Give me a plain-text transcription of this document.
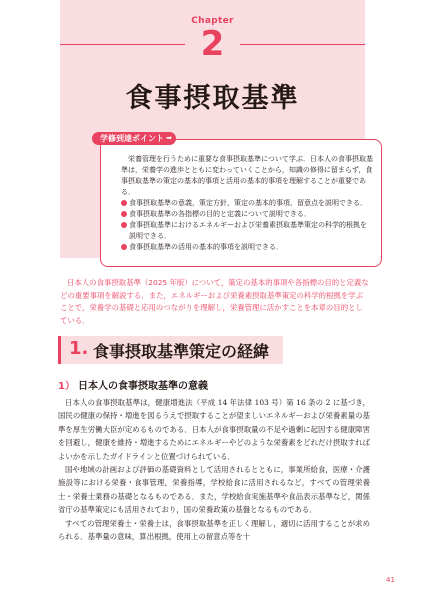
Chapter
2
食事摂取基準

栄養管理を行うために重要な食事摂取基準について学ぶ．日本人の食事摂取基準は，栄養学の進歩とともに変わっていくことから，知識の修得に留まらず，食事摂取基準の策定の基本的事項と活用の基本的事項を理解することが重要である．

食事摂取基準の意義，策定方針，策定の基本的事項，留意点を説明できる．
食事摂取基準の各指標の目的と定義について説明できる．
食事摂取基準におけるエネルギーおよび栄養素摂取基準策定の科学的根拠を説明できる．
食事摂取基準の活用の基本的事項を説明できる．
学修到達ポイント ➡
日本人の食事摂取基準（2025 年版）について，策定の基本的事項や各指標の目的と定義などの重要事項を解説する．また，エネルギーおよび栄養素摂取基準策定の科学的根拠を学ぶことで，栄養学の基礎と応用のつながりを理解し，栄養管理に活かすことを本章の目的としている．
1. 食事摂取基準策定の経緯
1） 日本人の食事摂取基準の意義

日本人の食事摂取基準は，健康増進法（平成 14 年法律 103 号）第 16 条の 2 に基づき，国民の健康の保持・増進を図るうえで摂取することが望ましいエネルギーおよび栄養素量の基準を厚生労働大臣が定めるものである．日本人が食事摂取量の不足や過剰に起因する健康障害を回避し，健康を維持・増進するためにエネルギーやどのような栄養素をどれだけ摂取すればよいかを示したガイドラインと位置づけられている．

国や地域の計画および評価の基礎資料として活用されるとともに，事業所給食，医療・介護施設等における栄養・食事管理，栄養指導，学校給食に活用されるなど，すべての管理栄養士・栄養士業務の基礎となるものである．また，学校給食実施基準や食品表示基準など，関係省庁の基準策定にも活用されており，国の栄養政策の基盤となるものである．

すべての管理栄養士・栄養士は，食事摂取基準を正しく理解し，適切に活用することが求められる．基準量の意味，算出根拠，使用上の留意点等を十

41
